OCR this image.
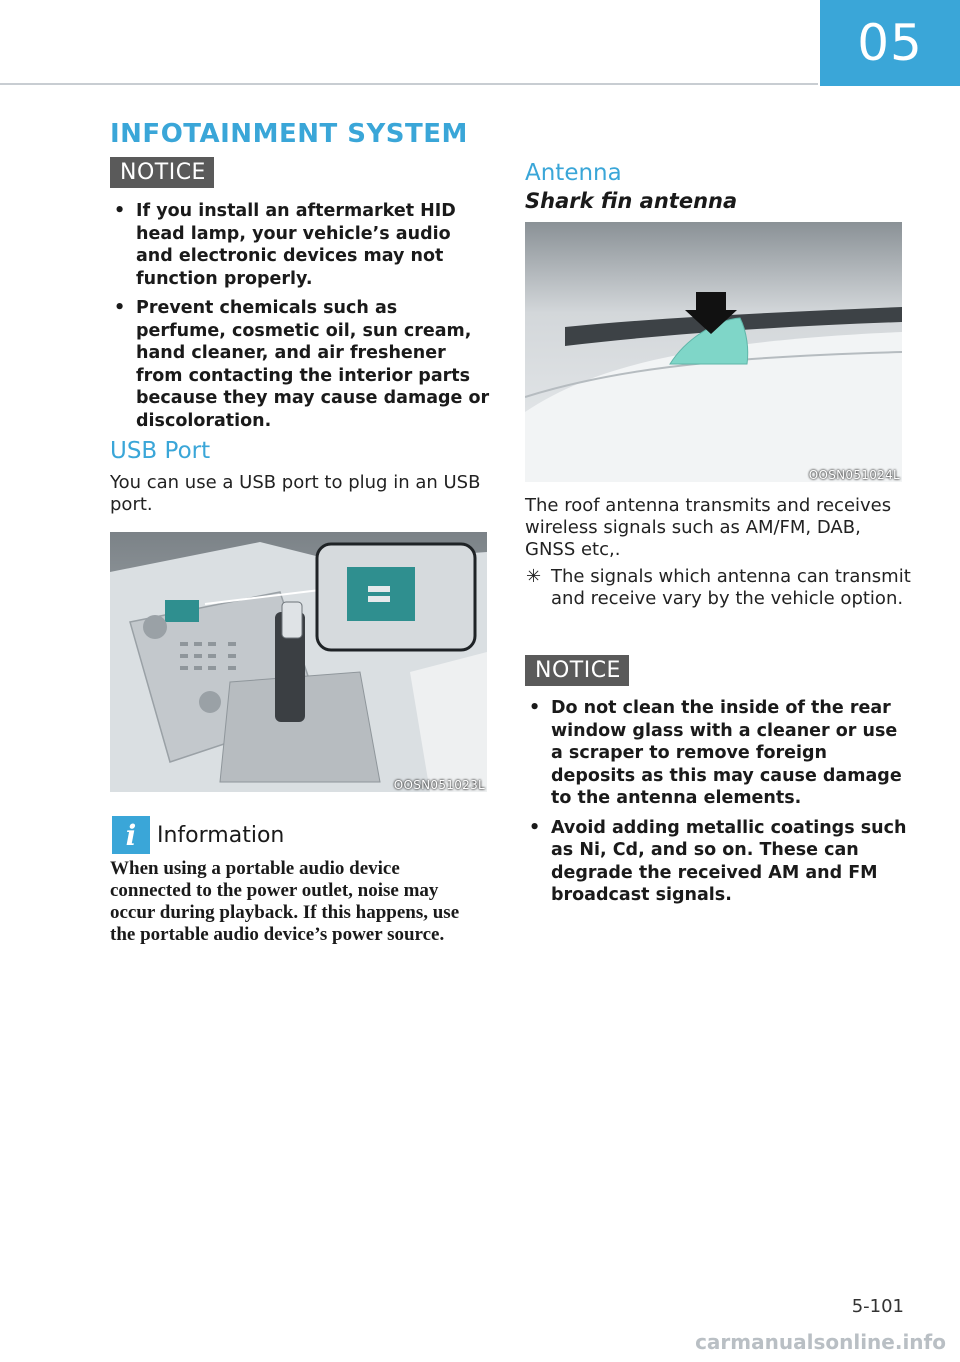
05
INFOTAINMENT SYSTEM
NOTICE
• If you install an aftermarket HID head lamp, your vehicle’s audio and electronic devices may not function properly.
• Prevent chemicals such as perfume, cosmetic oil, sun cream, hand cleaner, and air freshener from contacting the interior parts because they may cause damage or discoloration.
USB Port
You can use a USB port to plug in an USB port.
OOSN051023L
i Information
When using a portable audio device connected to the power outlet, noise may occur during playback. If this happens, use the portable audio device’s power source.
Antenna
Shark fin antenna
OOSN051024L
The roof antenna transmits and receives wireless signals such as AM/FM, DAB, GNSS etc,.
✳ The signals which antenna can transmit and receive vary by the vehicle option.
NOTICE
• Do not clean the inside of the rear window glass with a cleaner or use a scraper to remove foreign deposits as this may cause damage to the antenna elements.
• Avoid adding metallic coatings such as Ni, Cd, and so on. These can degrade the received AM and FM broadcast signals.
5-101
carmanualsonline.info
